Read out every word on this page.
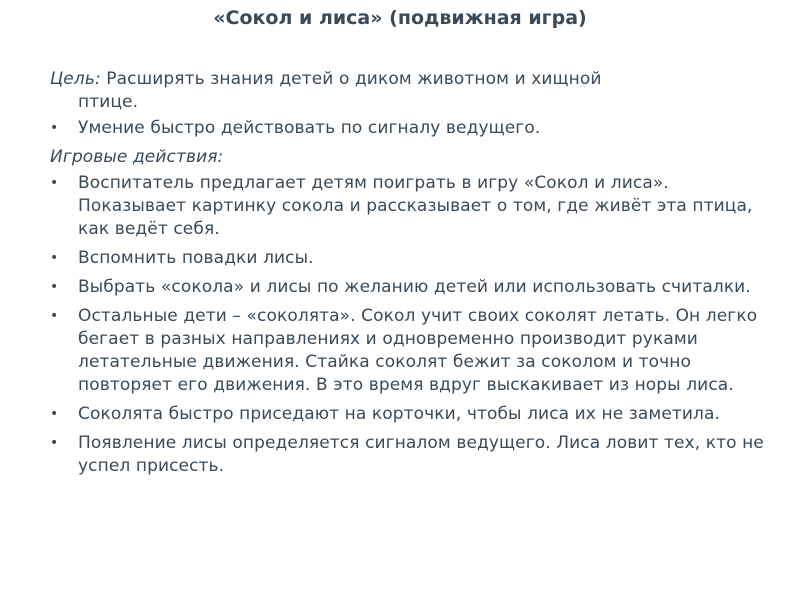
«Сокол и лиса» (подвижная игра)
Цель: Расширять знания детей о диком животном и хищной
птице.
•	Умение быстро действовать по сигналу ведущего.
Игровые действия:
•	Воспитатель предлагает детям поиграть в игру «Сокол и лиса». Показывает картинку сокола и рассказывает о том, где живёт эта птица, как ведёт себя.
•	Вспомнить повадки лисы.
•	Выбрать «сокола» и лисы по желанию детей или использовать считалки.
•	Остальные дети – «соколята». Сокол учит своих соколят летать. Он легко бегает в разных направлениях и одновременно производит руками летательные движения. Стайка соколят бежит за соколом и точно повторяет его движения. В это время вдруг выскакивает из норы лиса.
•	Соколята быстро приседают на корточки, чтобы лиса их не заметила.
•	Появление лисы определяется сигналом ведущего. Лиса ловит тех, кто не успел присесть.
